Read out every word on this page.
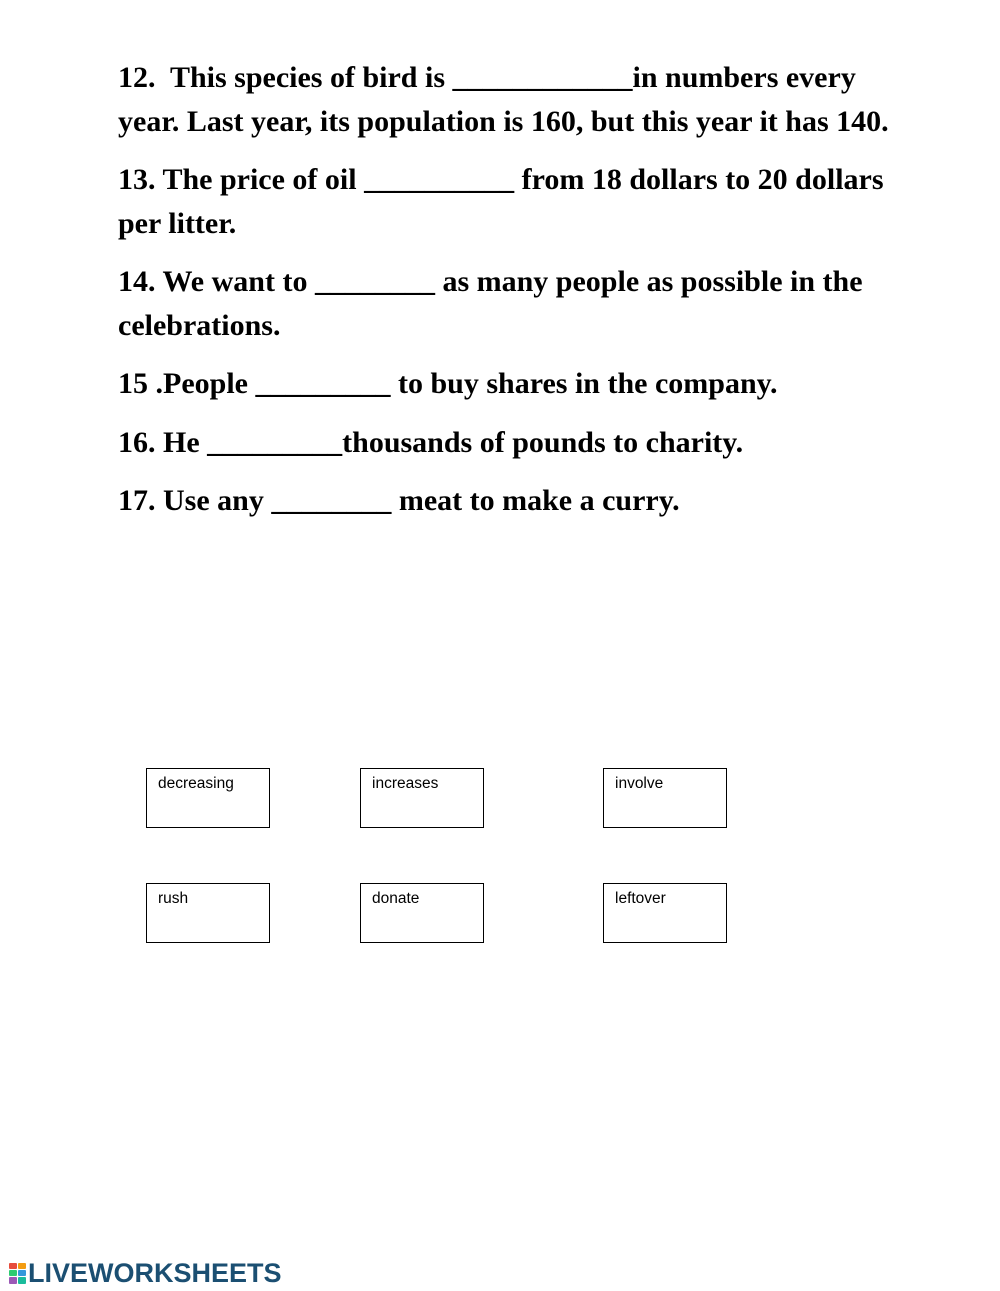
12.  This species of bird is ____________in numbers every year. Last year, its population is 160, but this year it has 140.

13. The price of oil __________ from 18 dollars to 20 dollars per litter.

14. We want to ________ as many people as possible in the celebrations.

15 .People _________ to buy shares in the company.

16. He _________thousands of pounds to charity.

17. Use any ________ meat to make a curry.

decreasing	increases	involve
rush	donate	leftover
LIVEWORKSHEETS
